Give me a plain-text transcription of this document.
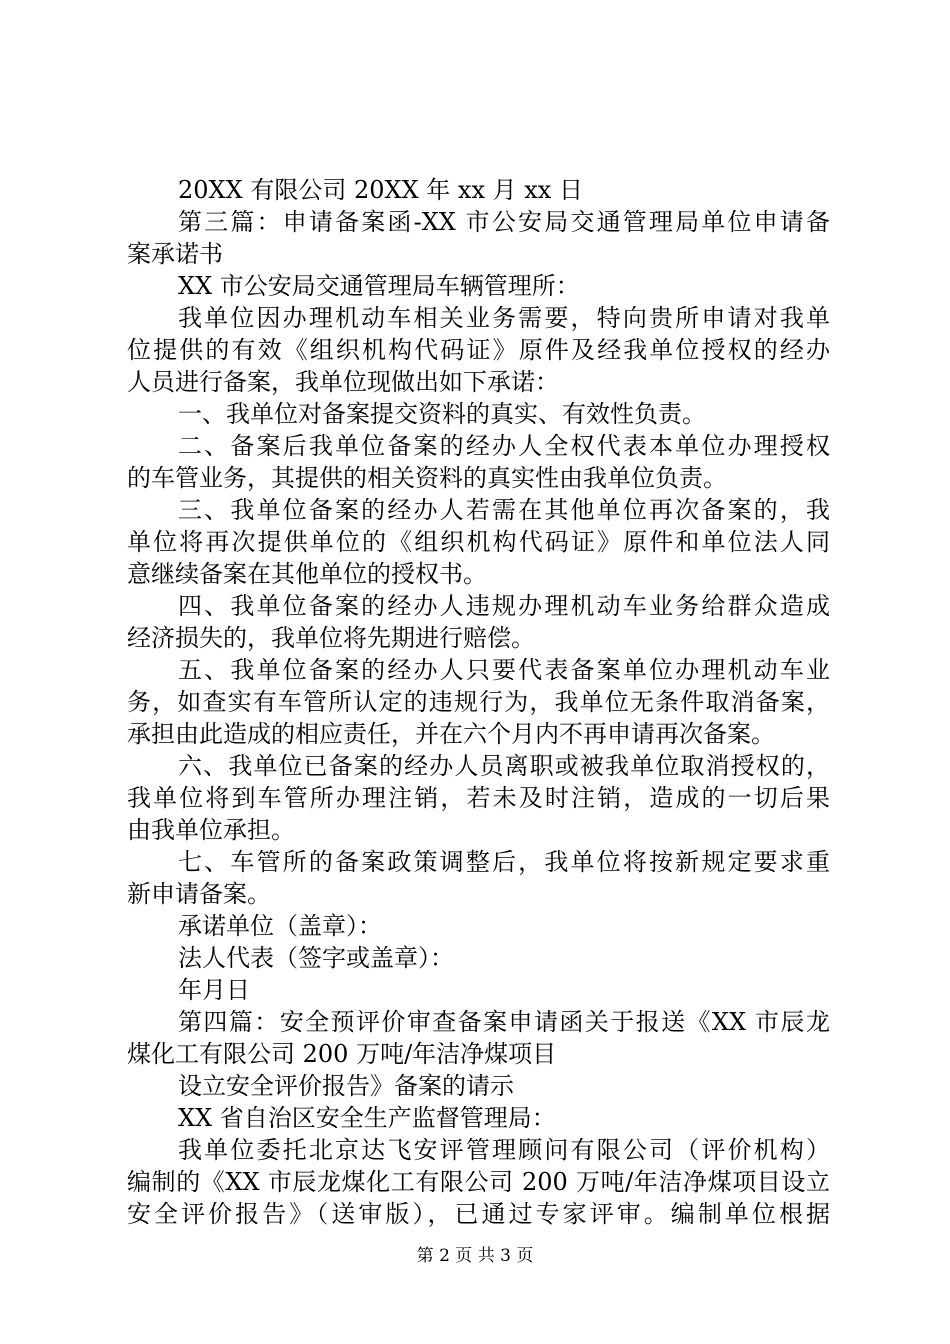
20XX 有限公司 20XX 年 xx 月 xx 日
第三篇：申请备案函-XX 市公安局交通管理局单位申请备
案承诺书
XX 市公安局交通管理局车辆管理所：
我单位因办理机动车相关业务需要，特向贵所申请对我单
位提供的有效《组织机构代码证》原件及经我单位授权的经办
人员进行备案，我单位现做出如下承诺：
一、我单位对备案提交资料的真实、有效性负责。
二、备案后我单位备案的经办人全权代表本单位办理授权
的车管业务，其提供的相关资料的真实性由我单位负责。
三、我单位备案的经办人若需在其他单位再次备案的，我
单位将再次提供单位的《组织机构代码证》原件和单位法人同
意继续备案在其他单位的授权书。
四、我单位备案的经办人违规办理机动车业务给群众造成
经济损失的，我单位将先期进行赔偿。
五、我单位备案的经办人只要代表备案单位办理机动车业
务，如查实有车管所认定的违规行为，我单位无条件取消备案，
承担由此造成的相应责任，并在六个月内不再申请再次备案。
六、我单位已备案的经办人员离职或被我单位取消授权的，
我单位将到车管所办理注销，若未及时注销，造成的一切后果
由我单位承担。
七、车管所的备案政策调整后，我单位将按新规定要求重
新申请备案。
承诺单位（盖章）：
法人代表（签字或盖章）：
年月日
第四篇：安全预评价审查备案申请函关于报送《XX 市辰龙
煤化工有限公司 200 万吨/年洁净煤项目
设立安全评价报告》备案的请示
XX 省自治区安全生产监督管理局：
我单位委托北京达飞安评管理顾问有限公司（评价机构）
编制的《XX 市辰龙煤化工有限公司 200 万吨/年洁净煤项目设立
安全评价报告》（送审版），已通过专家评审。编制单位根据
第 2 页 共 3 页
